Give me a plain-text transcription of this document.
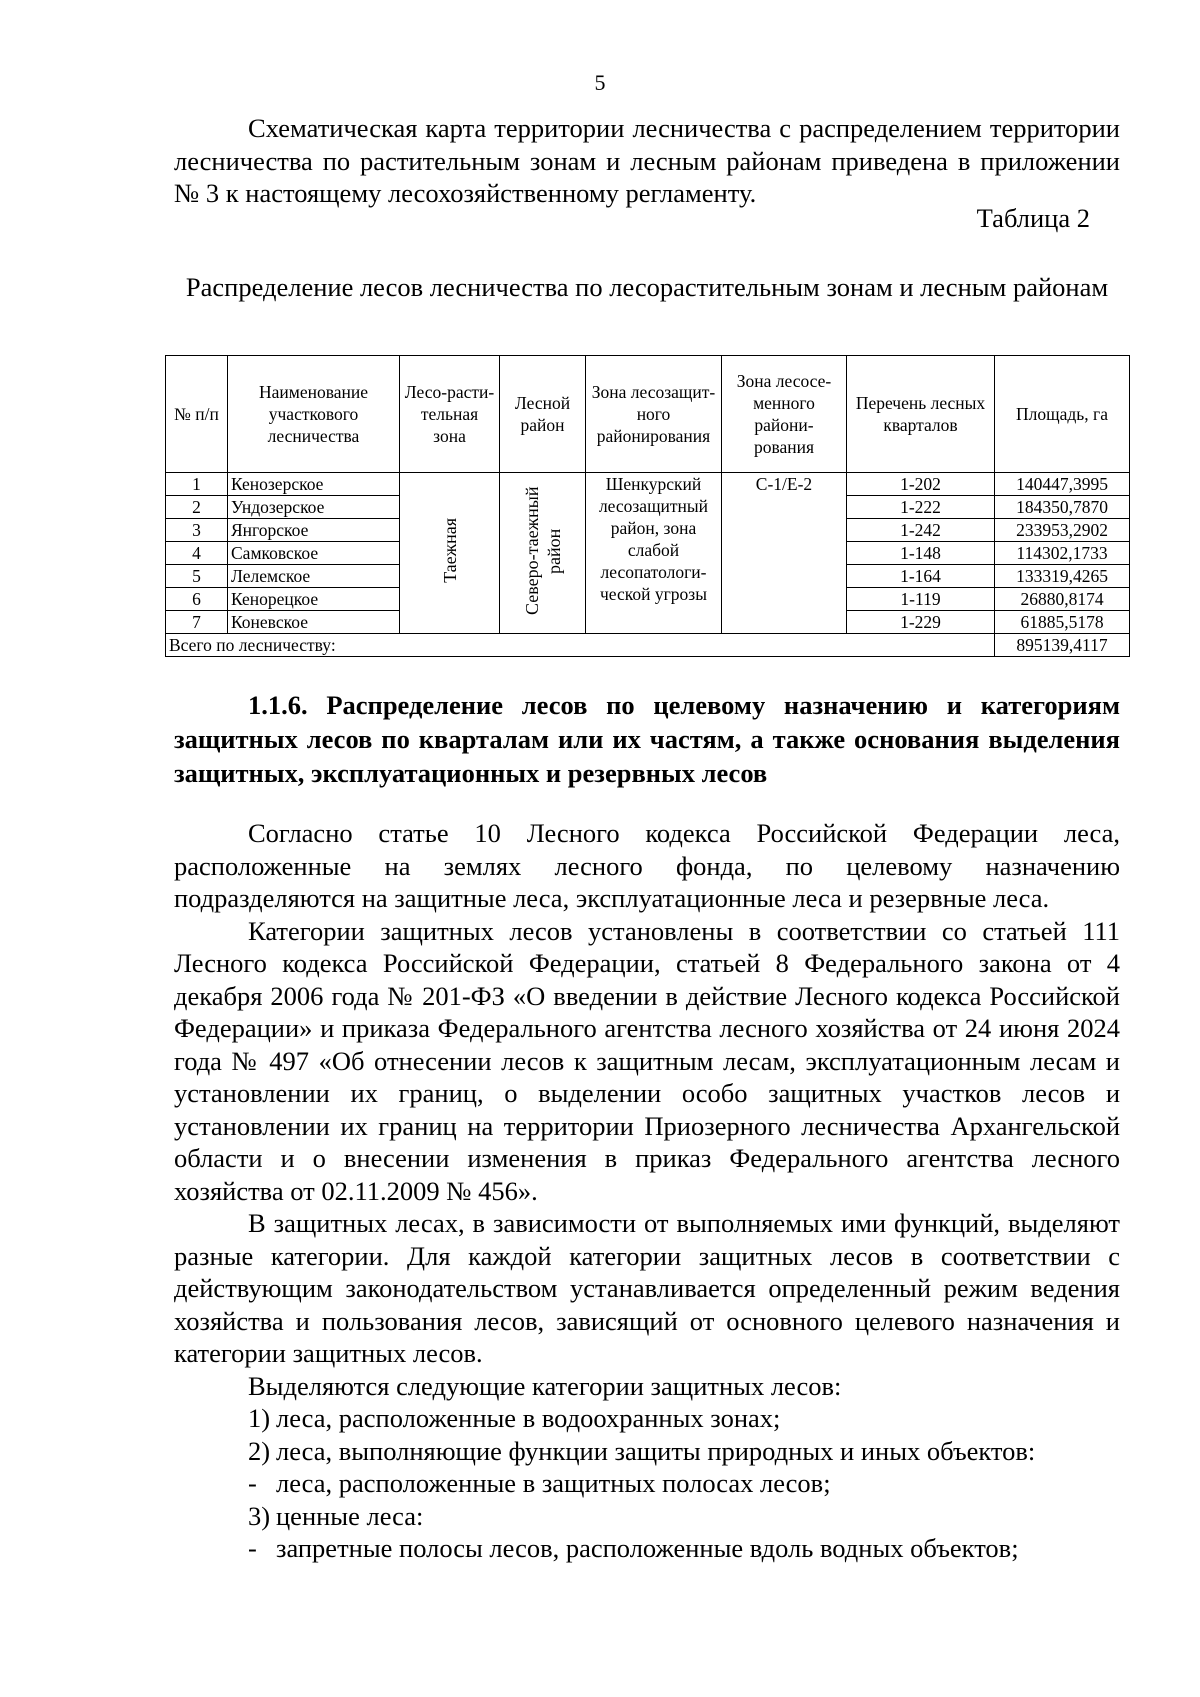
5

Схематическая карта территории лесничества с распределением территории лесничества по растительным зонам и лесным районам приведена в приложении № 3 к настоящему лесохозяйственному регламенту.

Таблица 2
Распределение лесов лесничества по лесорастительным зонам и лесным районам
№ п/п	Наименование участкового лесничества	Лесо-расти-тельная зона	Лесной район	Зона лесозащит-ного районирования	Зона лесосе-менного райони-рования	Перечень лесных кварталов	Площадь, га
1	Кенозерское	Таежная	Северо-таежный район	Шенкурский лесозащитный район, зона слабой лесопатологи-ческой угрозы	С-1/Е-2	1-202	140447,3995
2	Ундозерское					1-222	184350,7870
3	Янгорское					1-242	233953,2902
4	Самковское					1-148	114302,1733
5	Лелемское					1-164	133319,4265
6	Кенорецкое					1-119	26880,8174
7	Коневское					1-229	61885,5178
Всего по лесничеству:							895139,4117
1.1.6. Распределение лесов по целевому назначению и категориям защитных лесов по кварталам или их частям, а также основания выделения защитных, эксплуатационных и резервных лесов

Согласно статье 10 Лесного кодекса Российской Федерации леса, расположенные на землях лесного фонда, по целевому назначению подразделяются на защитные леса, эксплуатационные леса и резервные леса.

Категории защитных лесов установлены в соответствии со статьей 111 Лесного кодекса Российской Федерации, статьей 8 Федерального закона от 4 декабря 2006 года № 201-ФЗ «О введении в действие Лесного кодекса Российской Федерации» и приказа Федерального агентства лесного хозяйства от 24 июня 2024 года № 497 «Об отнесении лесов к защитным лесам, эксплуатационным лесам и установлении их границ, о выделении особо защитных участков лесов и установлении их границ на территории Приозерного лесничества Архангельской области и о внесении изменения в приказ Федерального агентства лесного хозяйства от 02.11.2009 № 456».

В защитных лесах, в зависимости от выполняемых ими функций, выделяют разные категории. Для каждой категории защитных лесов в соответствии с действующим законодательством устанавливается определенный режим ведения хозяйства и пользования лесов, зависящий от основного целевого назначения и категории защитных лесов.

Выделяются следующие категории защитных лесов:

1) леса, расположенные в водоохранных зонах;

2) леса, выполняющие функции защиты природных и иных объектов:

- леса, расположенные в защитных полосах лесов;

3) ценные леса:

- запретные полосы лесов, расположенные вдоль водных объектов;
